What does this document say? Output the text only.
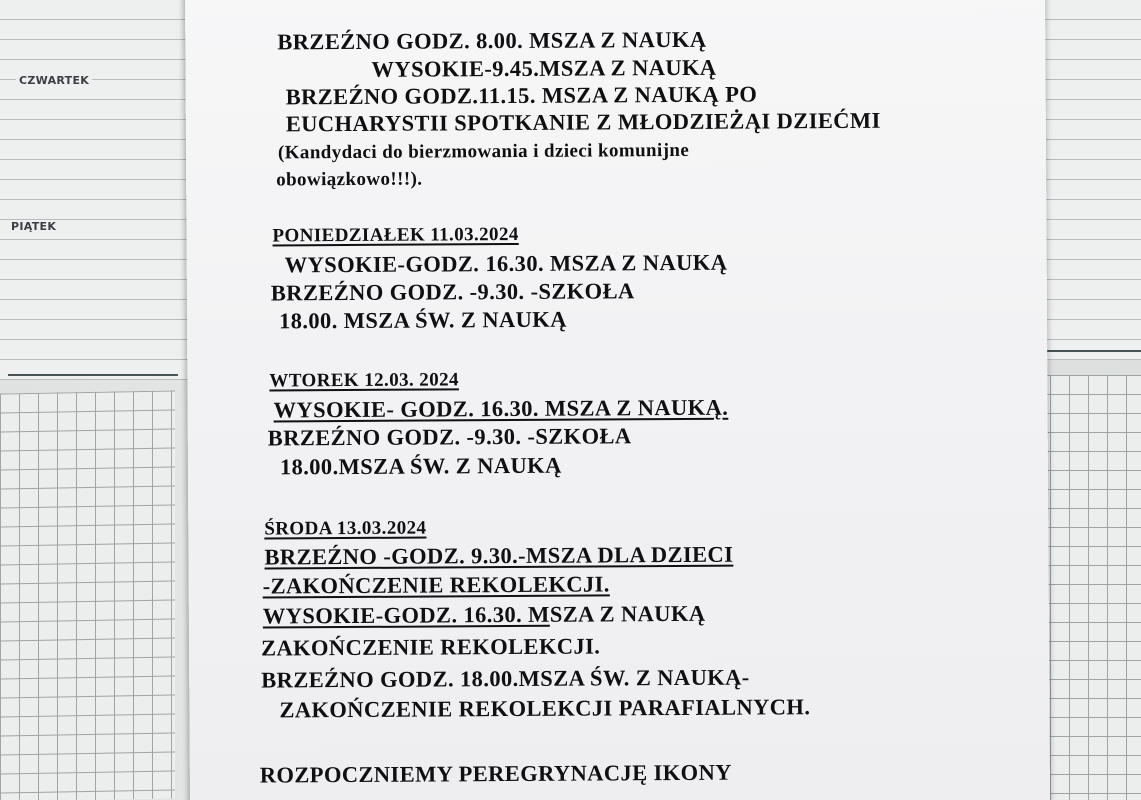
CZWARTEK
PIĄTEK
BRZEŹNO GODZ. 8.00. MSZA Z NAUKĄ
WYSOKIE-9.45.MSZA Z NAUKĄ
BRZEŹNO GODZ.11.15. MSZA Z NAUKĄ PO
EUCHARYSTII SPOTKANIE Z MŁODZIEŻĄI DZIEĆMI
(Kandydaci do bierzmowania i dzieci komunijne
obowiązkowo!!!).
PONIEDZIAŁEK 11.03.2024
WYSOKIE-GODZ. 16.30. MSZA Z NAUKĄ
BRZEŹNO GODZ. -9.30. -SZKOŁA
18.00. MSZA ŚW. Z NAUKĄ
WTOREK 12.03. 2024
WYSOKIE- GODZ. 16.30. MSZA Z NAUKĄ.
BRZEŹNO GODZ. -9.30. -SZKOŁA
18.00.MSZA ŚW. Z NAUKĄ
ŚRODA 13.03.2024
BRZEŹNO -GODZ. 9.30.-MSZA DLA DZIECI
-ZAKOŃCZENIE REKOLEKCJI.
WYSOKIE-GODZ. 16.30. MSZA Z NAUKĄ
ZAKOŃCZENIE REKOLEKCJI.
BRZEŹNO GODZ. 18.00.MSZA ŚW. Z NAUKĄ-
ZAKOŃCZENIE REKOLEKCJI PARAFIALNYCH.
ROZPOCZNIEMY PEREGRYNACJĘ IKONY
